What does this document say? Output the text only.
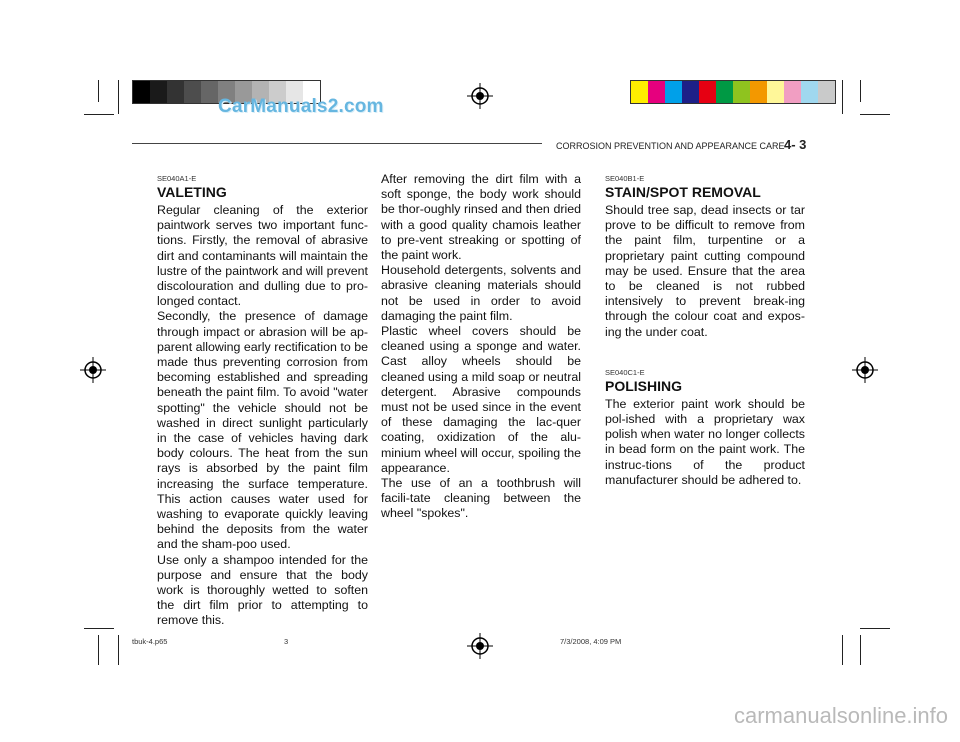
CarManuals2.com
CORROSION PREVENTION AND APPEARANCE CARE 4- 3
SE040A1-E
VALETING

Regular cleaning of the exterior paintwork serves two important func-tions. Firstly, the removal of abrasive dirt and contaminants will maintain the lustre of the paintwork and will prevent discolouration and dulling due to pro-longed contact.

Secondly, the presence of damage through impact or abrasion will be ap-parent allowing early rectification to be made thus preventing corrosion from becoming established and spreading beneath the paint film. To avoid "water spotting" the vehicle should not be washed in direct sunlight particularly in the case of vehicles having dark body colours. The heat from the sun rays is absorbed by the paint film increasing the surface temperature. This action causes water used for washing to evaporate quickly leaving behind the deposits from the water and the sham-poo used.

Use only a shampoo intended for the purpose and ensure that the body work is thoroughly wetted to soften the dirt film prior to attempting to remove this.

After removing the dirt film with a soft sponge, the body work should be thor-oughly rinsed and then dried with a good quality chamois leather to pre-vent streaking or spotting of the paint work.

Household detergents, solvents and abrasive cleaning materials should not be used in order to avoid damaging the paint film.

Plastic wheel covers should be cleaned using a sponge and water. Cast alloy wheels should be cleaned using a mild soap or neutral detergent. Abrasive compounds must not be used since in the event of these damaging the lac-quer coating, oxidization of the alu-minium wheel will occur, spoiling the appearance.

The use of an a toothbrush will facili-tate cleaning between the wheel "spokes".

SE040B1-E
STAIN/SPOT REMOVAL

Should tree sap, dead insects or tar prove to be difficult to remove from the paint film, turpentine or a proprietary paint cutting compound may be used. Ensure that the area to be cleaned is not rubbed intensively to prevent break-ing through the colour coat and expos-ing the under coat.

SE040C1-E
POLISHING

The exterior paint work should be pol-ished with a proprietary wax polish when water no longer collects in bead form on the paint work. The instruc-tions of the product manufacturer should be adhered to.

tbuk-4.p65	3	7/3/2008, 4:09 PM
carmanualsonline.info
